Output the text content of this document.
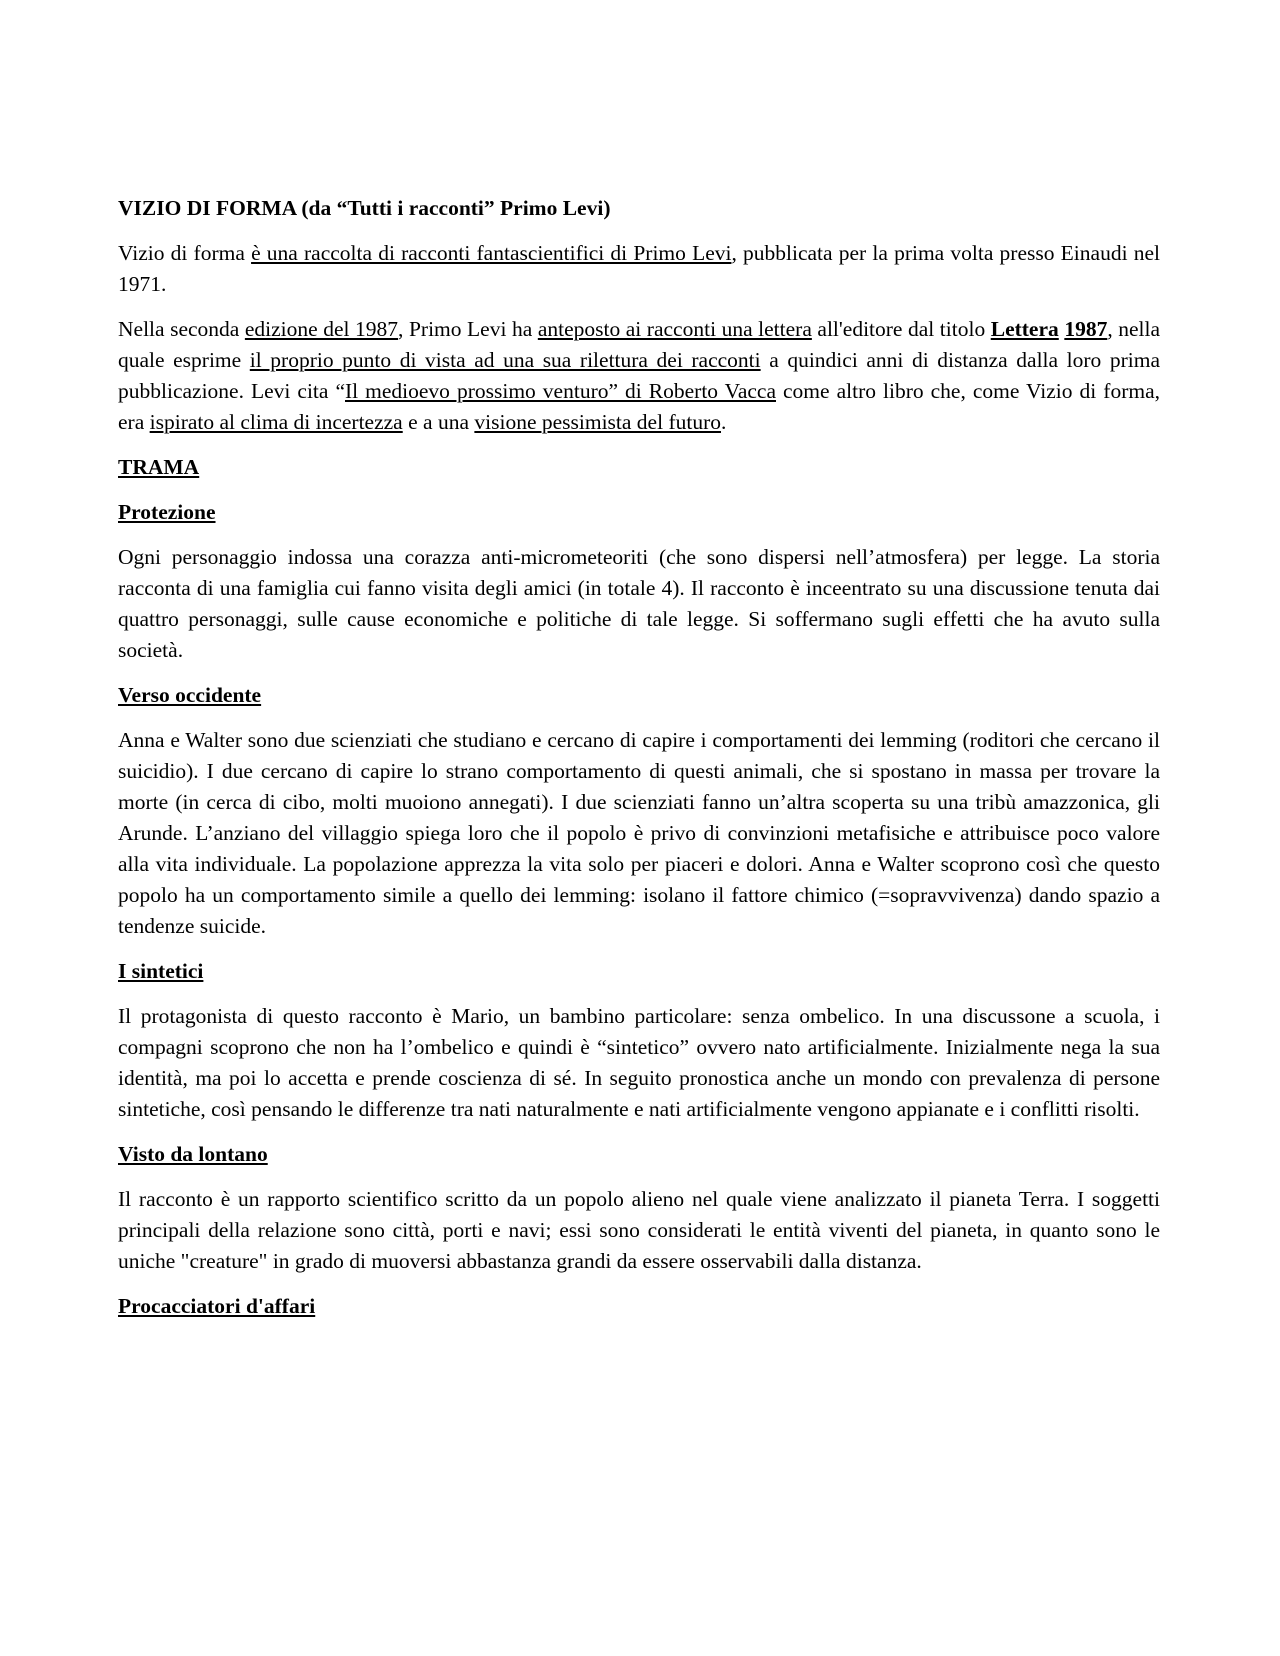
VIZIO DI FORMA (da “Tutti i racconti” Primo Levi)

Vizio di forma è una raccolta di racconti fantascientifici di Primo Levi, pubblicata per la prima volta presso Einaudi nel 1971.

Nella seconda edizione del 1987, Primo Levi ha anteposto ai racconti una lettera all'editore dal titolo Lettera 1987, nella quale esprime il proprio punto di vista ad una sua rilettura dei racconti a quindici anni di distanza dalla loro prima pubblicazione. Levi cita “Il medioevo prossimo venturo” di Roberto Vacca come altro libro che, come Vizio di forma, era ispirato al clima di incertezza e a una visione pessimista del futuro.

TRAMA
Protezione

Ogni personaggio indossa una corazza anti-micrometeoriti (che sono dispersi nell’atmosfera) per legge. La storia racconta di una famiglia cui fanno visita degli amici (in totale 4). Il racconto è inceentrato su una discussione tenuta dai quattro personaggi, sulle cause economiche e politiche di tale legge. Si soffermano sugli effetti che ha avuto sulla società.

Verso occidente

Anna e Walter sono due scienziati che studiano e cercano di capire i comportamenti dei lemming (roditori che cercano il suicidio). I due cercano di capire lo strano comportamento di questi animali, che si spostano in massa per trovare la morte (in cerca di cibo, molti muoiono annegati). I due scienziati fanno un’altra scoperta su una tribù amazzonica, gli Arunde. L’anziano del villaggio spiega loro che il popolo è privo di convinzioni metafisiche e attribuisce poco valore alla vita individuale. La popolazione apprezza la vita solo per piaceri e dolori. Anna e Walter scoprono così che questo popolo ha un comportamento simile a quello dei lemming: isolano il fattore chimico (=sopravvivenza) dando spazio a tendenze suicide.

I sintetici

Il protagonista di questo racconto è Mario, un bambino particolare: senza ombelico. In una discussone a scuola, i compagni scoprono che non ha l’ombelico e quindi è “sintetico” ovvero nato artificialmente. Inizialmente nega la sua identità, ma poi lo accetta e prende coscienza di sé. In seguito pronostica anche un mondo con prevalenza di persone sintetiche, così pensando le differenze tra nati naturalmente e nati artificialmente vengono appianate e i conflitti risolti.

Visto da lontano

Il racconto è un rapporto scientifico scritto da un popolo alieno nel quale viene analizzato il pianeta Terra. I soggetti principali della relazione sono città, porti e navi; essi sono considerati le entità viventi del pianeta, in quanto sono le uniche "creature" in grado di muoversi abbastanza grandi da essere osservabili dalla distanza.

Procacciatori d'affari
